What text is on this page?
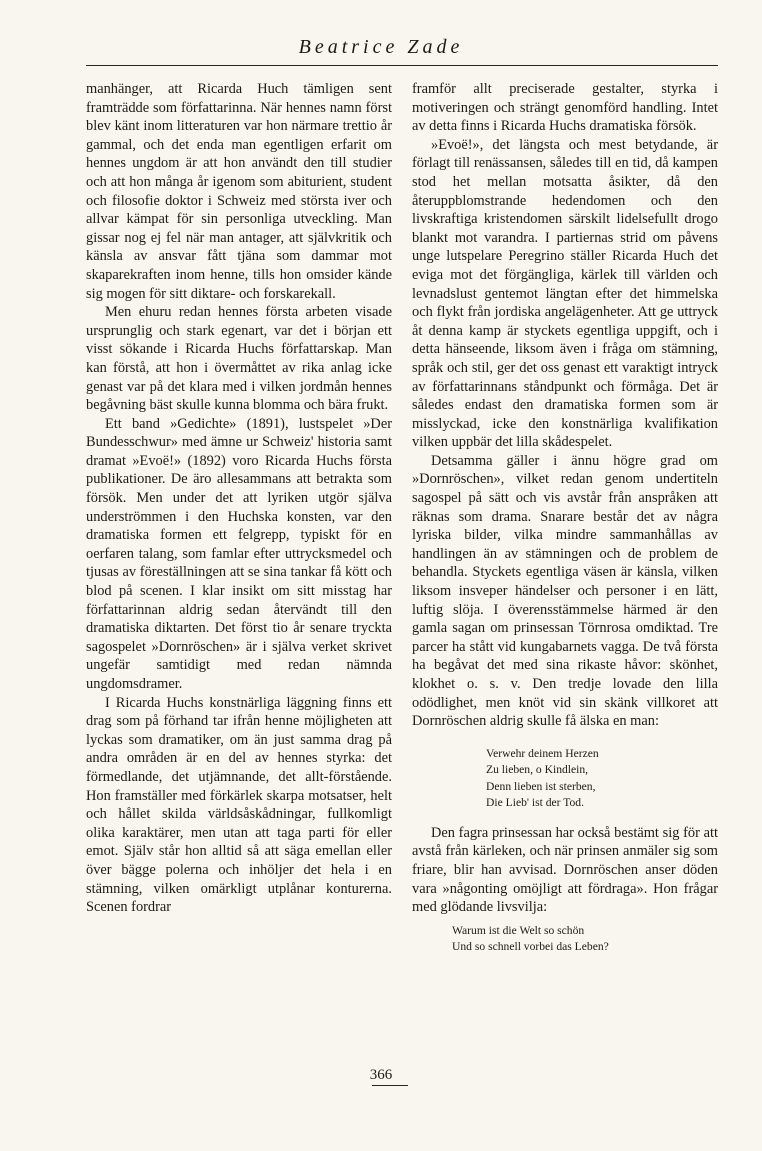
Beatrice Zade

manhänger, att Ricarda Huch tämligen sent framträdde som författarinna. När hennes namn först blev känt inom litteraturen var hon närmare trettio år gammal, och det enda man egentligen erfarit om hennes ungdom är att hon användt den till studier och att hon många år igenom som abiturient, student och filosofie doktor i Schweiz med största iver och allvar kämpat för sin personliga utveckling. Man gissar nog ej fel när man antager, att självkritik och känsla av ansvar fått tjäna som dammar mot skaparekraften inom henne, tills hon omsider kände sig mogen för sitt diktare- och forskarekall.

Men ehuru redan hennes första arbeten visade ursprunglig och stark egenart, var det i början ett visst sökande i Ricarda Huchs författarskap. Man kan förstå, att hon i övermåttet av rika anlag icke genast var på det klara med i vilken jordmån hennes begåvning bäst skulle kunna blomma och bära frukt.

Ett band »Gedichte» (1891), lustspelet »Der Bundesschwur» med ämne ur Schweiz' historia samt dramat »Evoë!» (1892) voro Ricarda Huchs första publikationer. De äro allesammans att betrakta som försök. Men under det att lyriken utgör själva underströmmen i den Huchska konsten, var den dramatiska formen ett felgrepp, typiskt för en oerfaren talang, som famlar efter uttrycksmedel och tjusas av föreställningen att se sina tankar få kött och blod på scenen. I klar insikt om sitt misstag har författarinnan aldrig sedan återvändt till den dramatiska diktarten. Det först tio år senare tryckta sagospelet »Dornröschen» är i själva verket skrivet ungefär samtidigt med redan nämnda ungdomsdramer.

I Ricarda Huchs konstnärliga läggning finns ett drag som på förhand tar ifrån henne möjligheten att lyckas som dramatiker, om än just samma drag på andra områden är en del av hennes styrka: det förmedlande, det utjämnande, det allt-förstående. Hon framställer med förkärlek skarpa motsatser, helt och hållet skilda världsåskådningar, fullkomligt olika karaktärer, men utan att taga parti för eller emot. Själv står hon alltid så att säga emellan eller över bägge polerna och inhöljer det hela i en stämning, vilken omärkligt utplånar konturerna. Scenen fordrar

framför allt preciserade gestalter, styrka i motiveringen och strängt genomförd handling. Intet av detta finns i Ricarda Huchs dramatiska försök.

»Evoë!», det längsta och mest betydande, är förlagt till renässansen, således till en tid, då kampen stod het mellan motsatta åsikter, då den återuppblomstrande hedendomen och den livskraftiga kristendomen särskilt lidelsefullt drogo blankt mot varandra. I partiernas strid om påvens unge lutspelare Peregrino ställer Ricarda Huch det eviga mot det förgängliga, kärlek till världen och levnadslust gentemot längtan efter det himmelska och flykt från jordiska angelägenheter. Att ge uttryck åt denna kamp är styckets egentliga uppgift, och i detta hänseende, liksom även i fråga om stämning, språk och stil, ger det oss genast ett varaktigt intryck av författarinnans ståndpunkt och förmåga. Det är således endast den dramatiska formen som är misslyckad, icke den konstnärliga kvalifikation vilken uppbär det lilla skådespelet.

Detsamma gäller i ännu högre grad om »Dornröschen», vilket redan genom undertiteln sagospel på sätt och vis avstår från anspråken att räknas som drama. Snarare består det av några lyriska bilder, vilka mindre sammanhållas av handlingen än av stämningen och de problem de behandla. Styckets egentliga väsen är känsla, vilken liksom insveper händelser och personer i en lätt, luftig slöja. I överensstämmelse härmed är den gamla sagan om prinsessan Törnrosa omdiktad. Tre parcer ha stått vid kungabarnets vagga. De två första ha begåvat det med sina rikaste håvor: skönhet, klokhet o. s. v. Den tredje lovade den lilla odödlighet, men knöt vid sin skänk villkoret att Dornröschen aldrig skulle få älska en man:

Verwehr deinem Herzen
Zu lieben, o Kindlein,
Denn lieben ist sterben,
Die Lieb' ist der Tod.

Den fagra prinsessan har också bestämt sig för att avstå från kärleken, och när prinsen anmäler sig som friare, blir han avvisad. Dornröschen anser döden vara »någonting omöjligt att fördraga». Hon frågar med glödande livsvilja:

Warum ist die Welt so schön
Und so schnell vorbei das Leben?
366
